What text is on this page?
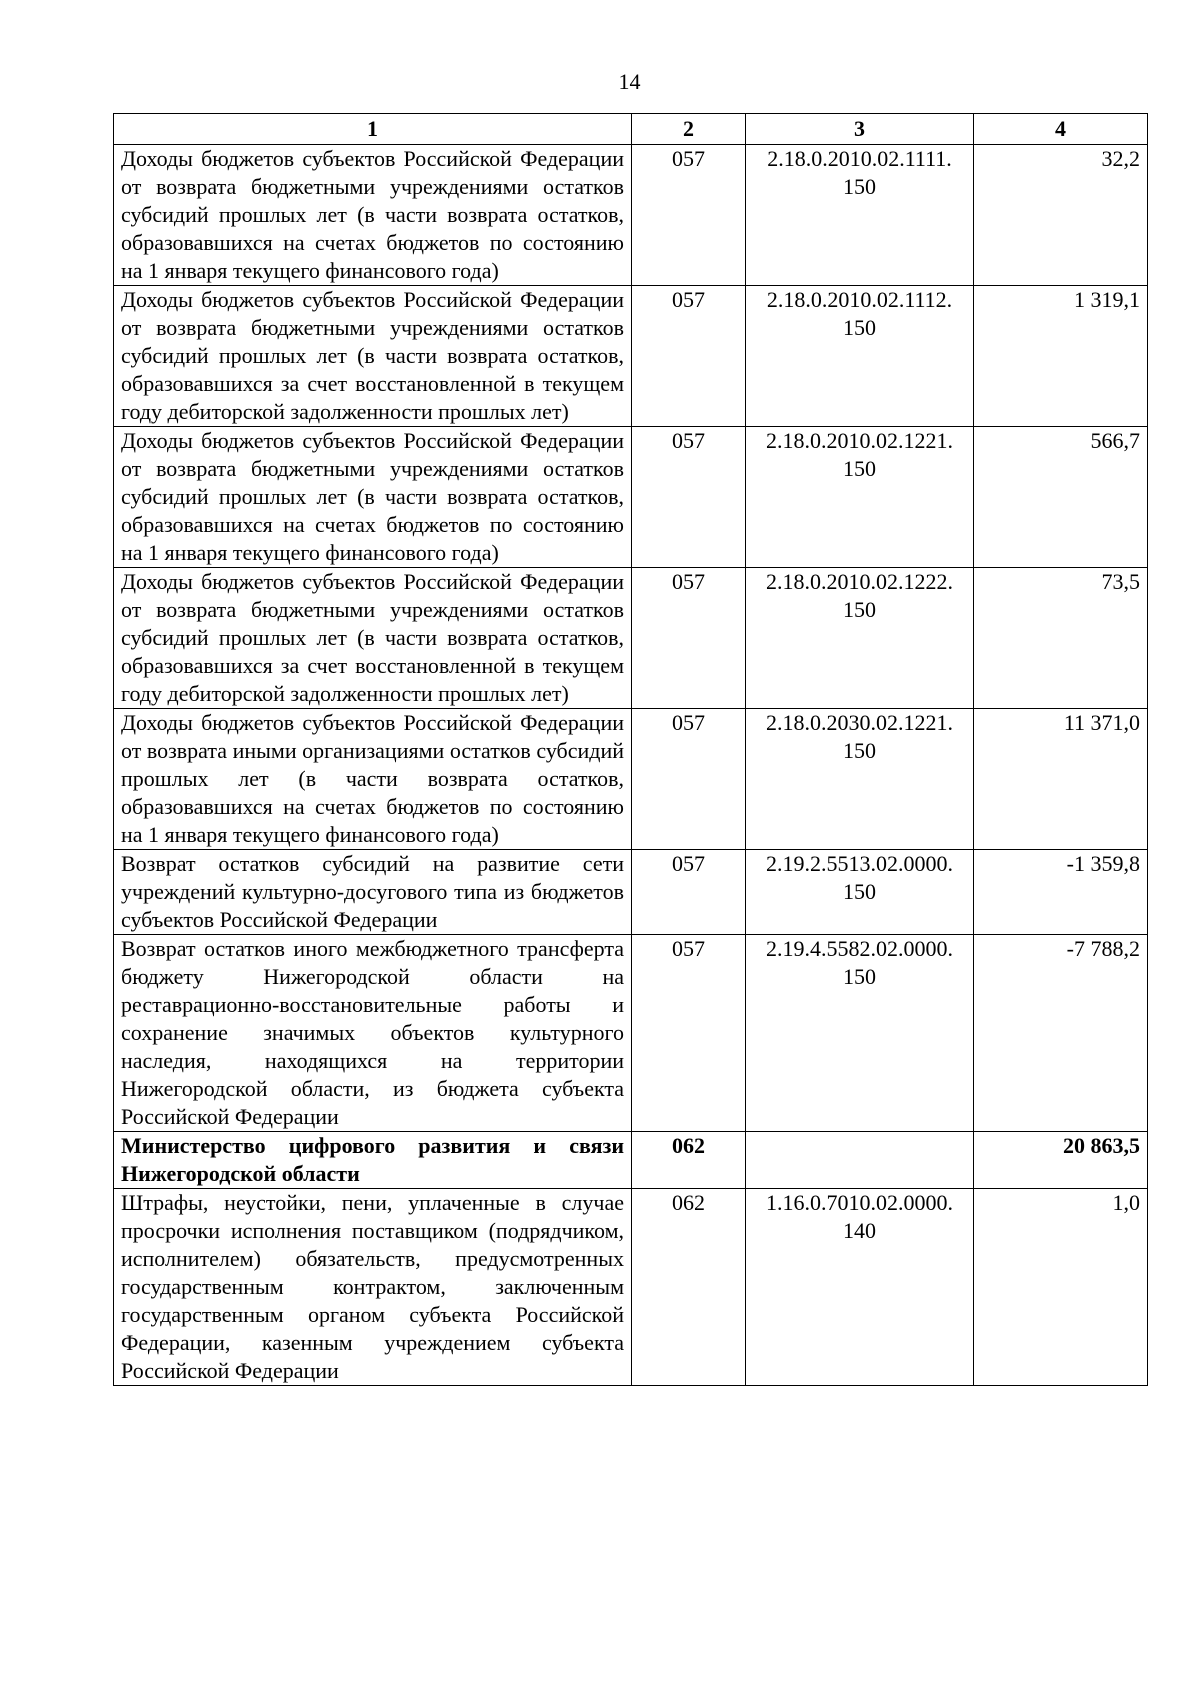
14
1	2	3	4
Доходы бюджетов субъектов Российской Федерации от возврата бюджетными учреждениями остатков субсидий прошлых лет (в части возврата остатков, образовавшихся на счетах бюджетов по состоянию на 1 января текущего финансового года)	057	2.18.0.2010.02.1111. 150	32,2
Доходы бюджетов субъектов Российской Федерации от возврата бюджетными учреждениями остатков субсидий прошлых лет (в части возврата остатков, образовавшихся за счет восстановленной в текущем году дебиторской задолженности прошлых лет)	057	2.18.0.2010.02.1112. 150	1 319,1
Доходы бюджетов субъектов Российской Федерации от возврата бюджетными учреждениями остатков субсидий прошлых лет (в части возврата остатков, образовавшихся на счетах бюджетов по состоянию на 1 января текущего финансового года)	057	2.18.0.2010.02.1221. 150	566,7
Доходы бюджетов субъектов Российской Федерации от возврата бюджетными учреждениями остатков субсидий прошлых лет (в части возврата остатков, образовавшихся за счет восстановленной в текущем году дебиторской задолженности прошлых лет)	057	2.18.0.2010.02.1222. 150	73,5
Доходы бюджетов субъектов Российской Федерации от возврата иными организациями остатков субсидий прошлых лет (в части возврата остатков, образовавшихся на счетах бюджетов по состоянию на 1 января текущего финансового года)	057	2.18.0.2030.02.1221. 150	11 371,0
Возврат остатков субсидий на развитие сети учреждений культурно-досугового типа из бюджетов субъектов Российской Федерации	057	2.19.2.5513.02.0000. 150	-1 359,8
Возврат остатков иного межбюджетного трансферта бюджету Нижегородской области на реставрационно-восстановительные работы и сохранение значимых объектов культурного наследия, находящихся на территории Нижегородской области, из бюджета субъекта Российской Федерации	057	2.19.4.5582.02.0000. 150	-7 788,2
Министерство цифрового развития и связи Нижегородской области	062		20 863,5
Штрафы, неустойки, пени, уплаченные в случае просрочки исполнения поставщиком (подрядчиком, исполнителем) обязательств, предусмотренных государственным контрактом, заключенным государственным органом субъекта Российской Федерации, казенным учреждением субъекта Российской Федерации	062	1.16.0.7010.02.0000. 140	1,0
